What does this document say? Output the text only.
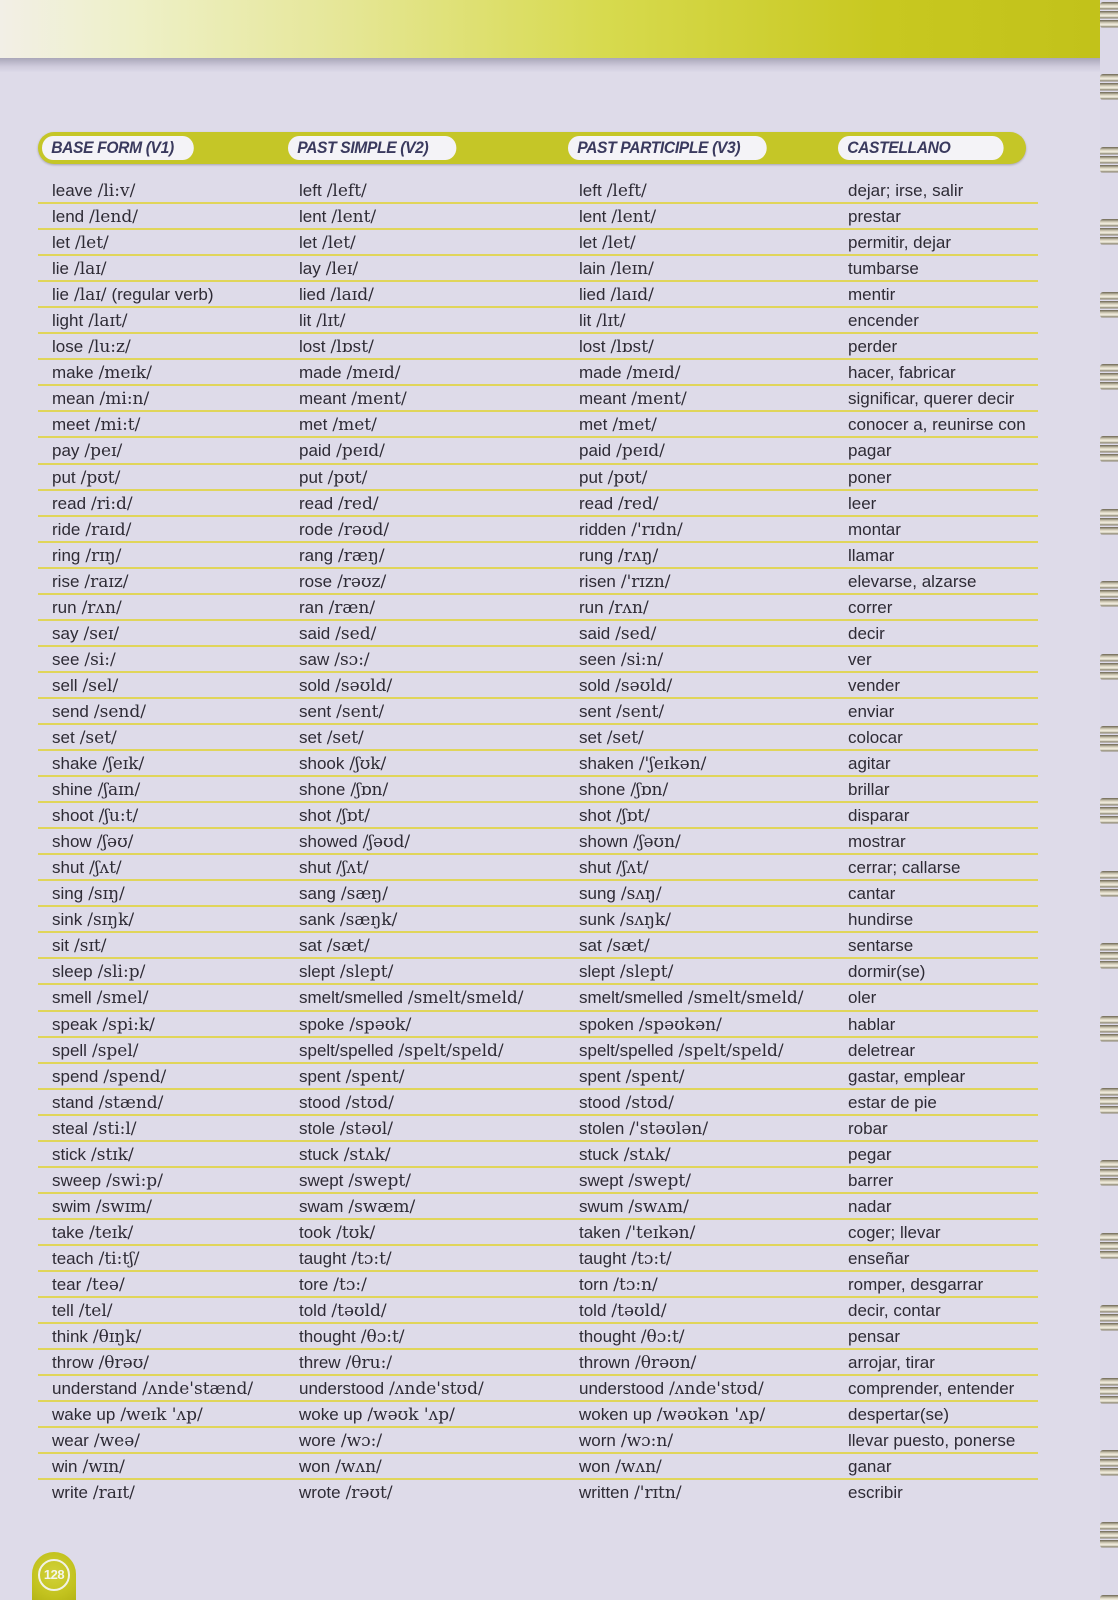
BASE FORM (V1)	PAST SIMPLE (V2)	PAST PARTICIPLE (V3)	CASTELLANO
leave /li:v/	left /left/	left /left/	dejar; irse, salir
lend /lend/	lent /lent/	lent /lent/	prestar
let /let/	let /let/	let /let/	permitir, dejar
lie /laɪ/	lay /leɪ/	lain /leɪn/	tumbarse
lie /laɪ/ (regular verb)	lied /laɪd/	lied /laɪd/	mentir
light /laɪt/	lit /lɪt/	lit /lɪt/	encender
lose /lu:z/	lost /lɒst/	lost /lɒst/	perder
make /meɪk/	made /meɪd/	made /meɪd/	hacer, fabricar
mean /mi:n/	meant /ment/	meant /ment/	significar, querer decir
meet /mi:t/	met /met/	met /met/	conocer a, reunirse con
pay /peɪ/	paid /peɪd/	paid /peɪd/	pagar
put /pʊt/	put /pʊt/	put /pʊt/	poner
read /ri:d/	read /red/	read /red/	leer
ride /raɪd/	rode /rəʊd/	ridden /'rɪdn/	montar
ring /rɪŋ/	rang /ræŋ/	rung /rʌŋ/	llamar
rise /raɪz/	rose /rəʊz/	risen /'rɪzn/	elevarse, alzarse
run /rʌn/	ran /ræn/	run /rʌn/	correr
say /seɪ/	said /sed/	said /sed/	decir
see /si:/	saw /sɔ:/	seen /si:n/	ver
sell /sel/	sold /səʊld/	sold /səʊld/	vender
send /send/	sent /sent/	sent /sent/	enviar
set /set/	set /set/	set /set/	colocar
shake /ʃeɪk/	shook /ʃʊk/	shaken /'ʃeɪkən/	agitar
shine /ʃaɪn/	shone /ʃɒn/	shone /ʃɒn/	brillar
shoot /ʃu:t/	shot /ʃɒt/	shot /ʃɒt/	disparar
show /ʃəʊ/	showed /ʃəʊd/	shown /ʃəʊn/	mostrar
shut /ʃʌt/	shut /ʃʌt/	shut /ʃʌt/	cerrar; callarse
sing /sɪŋ/	sang /sæŋ/	sung /sʌŋ/	cantar
sink /sɪŋk/	sank /sæŋk/	sunk /sʌŋk/	hundirse
sit /sɪt/	sat /sæt/	sat /sæt/	sentarse
sleep /sli:p/	slept /slept/	slept /slept/	dormir(se)
smell /smel/	smelt/smelled /smelt/smeld/	smelt/smelled /smelt/smeld/	oler
speak /spi:k/	spoke /spəʊk/	spoken /spəʊkən/	hablar
spell /spel/	spelt/spelled /spelt/speld/	spelt/spelled /spelt/speld/	deletrear
spend /spend/	spent /spent/	spent /spent/	gastar, emplear
stand /stænd/	stood /stʊd/	stood /stʊd/	estar de pie
steal /sti:l/	stole /stəʊl/	stolen /'stəʊlən/	robar
stick /stɪk/	stuck /stʌk/	stuck /stʌk/	pegar
sweep /swi:p/	swept /swept/	swept /swept/	barrer
swim /swɪm/	swam /swæm/	swum /swʌm/	nadar
take /teɪk/	took /tʊk/	taken /'teɪkən/	coger; llevar
teach /ti:tʃ/	taught /tɔ:t/	taught /tɔ:t/	enseñar
tear /teə/	tore /tɔ:/	torn /tɔ:n/	romper, desgarrar
tell /tel/	told /təʊld/	told /təʊld/	decir, contar
think /θɪŋk/	thought /θɔ:t/	thought /θɔ:t/	pensar
throw /θrəʊ/	threw /θru:/	thrown /θrəʊn/	arrojar, tirar
understand /ʌnde'stænd/	understood /ʌnde'stʊd/	understood /ʌnde'stʊd/	comprender, entender
wake up /weɪk 'ʌp/	woke up /wəʊk 'ʌp/	woken up /wəʊkən 'ʌp/	despertar(se)
wear /weə/	wore /wɔ:/	worn /wɔ:n/	llevar puesto, ponerse
win /wɪn/	won /wʌn/	won /wʌn/	ganar
write /raɪt/	wrote /rəʊt/	written /'rɪtn/	escribir
128
